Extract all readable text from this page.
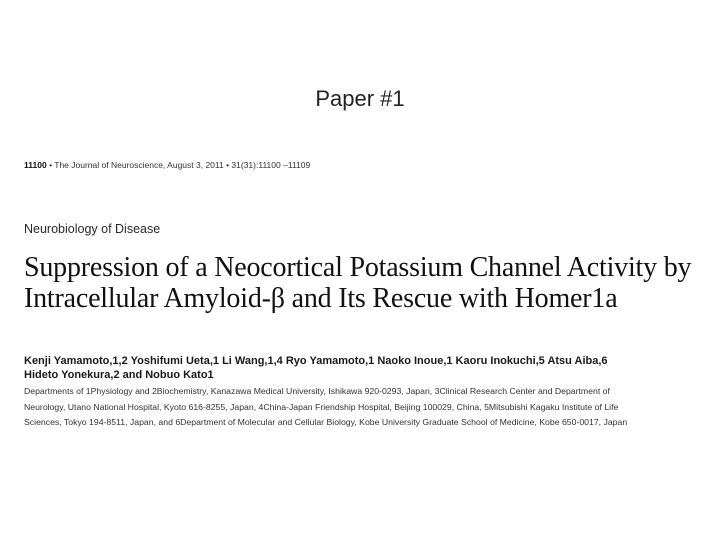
Paper #1
11100 • The Journal of Neuroscience, August 3, 2011 • 31(31):11100 –11109
Neurobiology of Disease
Suppression of a Neocortical Potassium Channel Activity by
Intracellular Amyloid-β and Its Rescue with Homer1a
Kenji Yamamoto,1,2 Yoshifumi Ueta,1 Li Wang,1,4 Ryo Yamamoto,1 Naoko Inoue,1 Kaoru Inokuchi,5 Atsu Aiba,6
Hideto Yonekura,2 and Nobuo Kato1
Departments of 1Physiology and 2Biochemistry, Kanazawa Medical University, Ishikawa 920-0293, Japan, 3Clinical Research Center and Department of
Neurology, Utano National Hospital, Kyoto 616-8255, Japan, 4China-Japan Friendship Hospital, Beijing 100029, China, 5Mitsubishi Kagaku Institute of Life
Sciences, Tokyo 194-8511, Japan, and 6Department of Molecular and Cellular Biology, Kobe University Graduate School of Medicine, Kobe 650-0017, Japan
